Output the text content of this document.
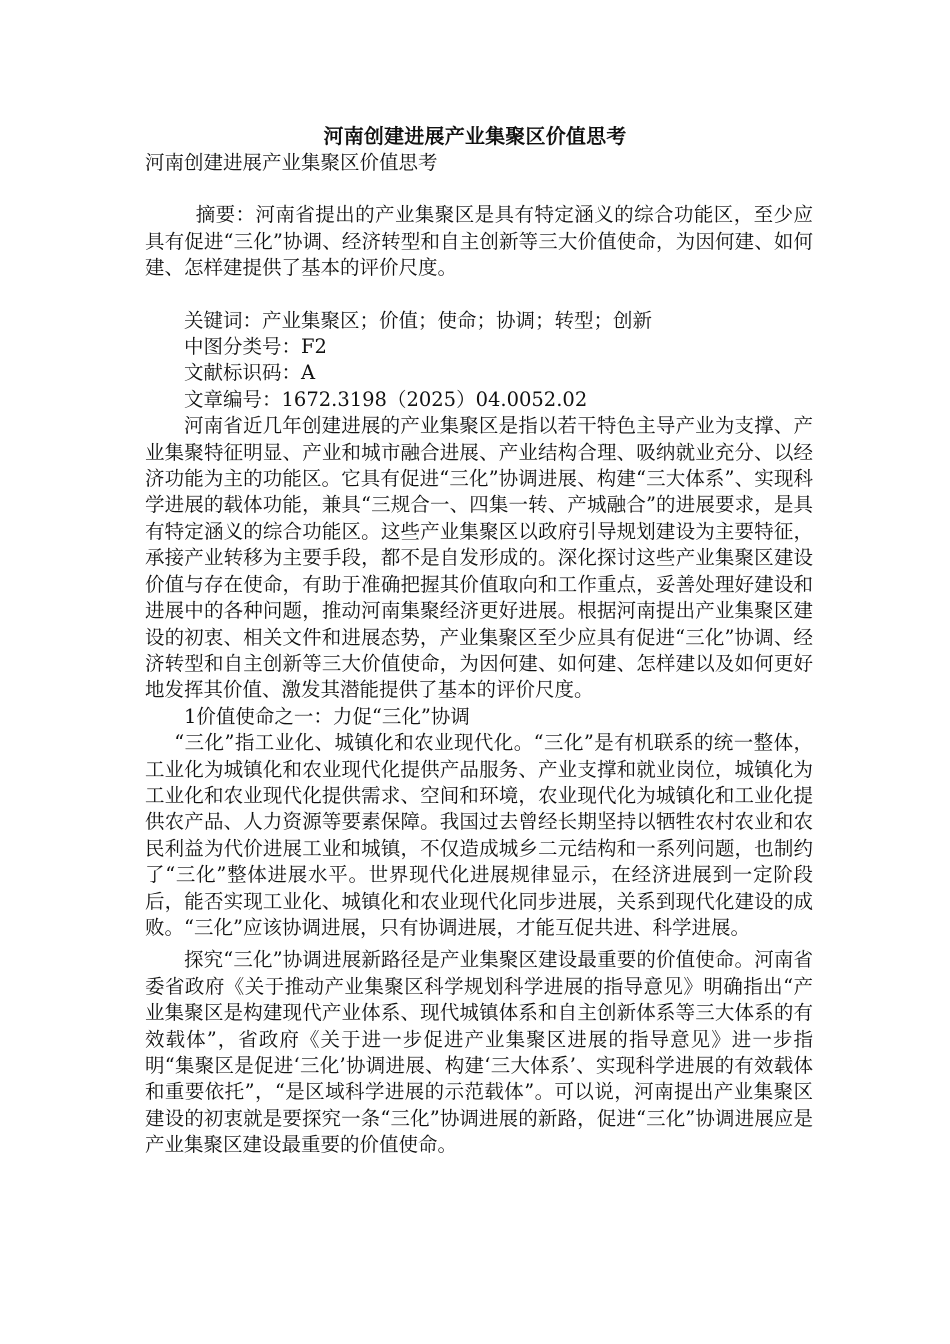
河南创建进展产业集聚区价值思考

河南创建进展产业集聚区价值思考

摘要：河南省提出的产业集聚区是具有特定涵义的综合功能区，至少应具有促进“三化”协调、经济转型和自主创新等三大价值使命，为因何建、如何建、怎样建提供了基本的评价尺度。

关键词：产业集聚区；价值；使命；协调；转型；创新

中图分类号：F2

文献标识码：A

文章编号：1672.3198（2025）04.0052.02

河南省近几年创建进展的产业集聚区是指以若干特色主导产业为支撑、产业集聚特征明显、产业和城市融合进展、产业结构合理、吸纳就业充分、以经济功能为主的功能区。它具有促进“三化”协调进展、构建“三大体系”、实现科学进展的载体功能，兼具“三规合一、四集一转、产城融合”的进展要求，是具有特定涵义的综合功能区。这些产业集聚区以政府引导规划建设为主要特征，承接产业转移为主要手段，都不是自发形成的。深化探讨这些产业集聚区建设价值与存在使命，有助于准确把握其价值取向和工作重点，妥善处理好建设和进展中的各种问题，推动河南集聚经济更好进展。根据河南提出产业集聚区建设的初衷、相关文件和进展态势，产业集聚区至少应具有促进“三化”协调、经济转型和自主创新等三大价值使命，为因何建、如何建、怎样建以及如何更好地发挥其价值、激发其潜能提供了基本的评价尺度。

1价值使命之一：力促“三化”协调

“三化”指工业化、城镇化和农业现代化。“三化”是有机联系的统一整体，工业化为城镇化和农业现代化提供产品服务、产业支撑和就业岗位，城镇化为工业化和农业现代化提供需求、空间和环境，农业现代化为城镇化和工业化提供农产品、人力资源等要素保障。我国过去曾经长期坚持以牺牲农村农业和农民利益为代价进展工业和城镇，不仅造成城乡二元结构和一系列问题，也制约了“三化”整体进展水平。世界现代化进展规律显示，在经济进展到一定阶段后，能否实现工业化、城镇化和农业现代化同步进展，关系到现代化建设的成败。“三化”应该协调进展，只有协调进展，才能互促共进、科学进展。

探究“三化”协调进展新路径是产业集聚区建设最重要的价值使命。河南省委省政府《关于推动产业集聚区科学规划科学进展的指导意见》明确指出“产业集聚区是构建现代产业体系、现代城镇体系和自主创新体系等三大体系的有效载体”，省政府《关于进一步促进产业集聚区进展的指导意见》进一步指明“集聚区是促进‘三化’协调进展、构建‘三大体系’、实现科学进展的有效载体和重要依托”，“是区域科学进展的示范载体”。可以说，河南提出产业集聚区建设的初衷就是要探究一条“三化”协调进展的新路，促进“三化”协调进展应是产业集聚区建设最重要的价值使命。
